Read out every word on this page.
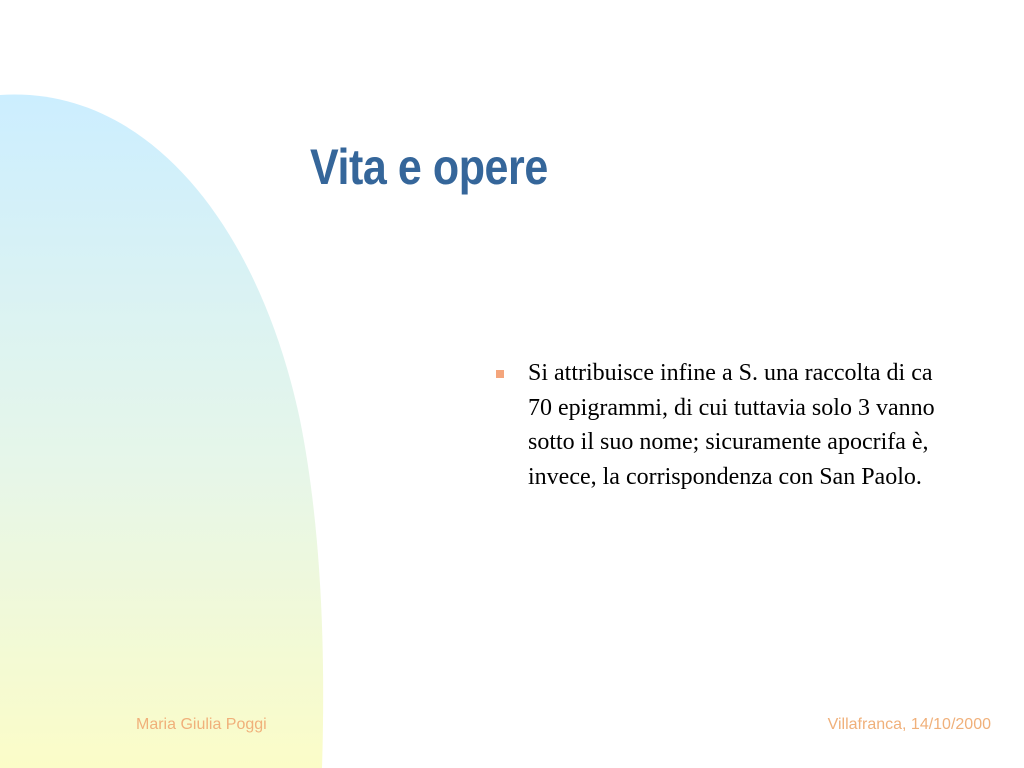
Vita e opere
Si attribuisce infine a S. una raccolta di ca 70 epigrammi, di cui tuttavia solo 3 vanno sotto il suo nome; sicuramente apocrifa è, invece, la corrispondenza con San Paolo.
Maria Giulia Poggi	Villafranca, 14/10/2000
